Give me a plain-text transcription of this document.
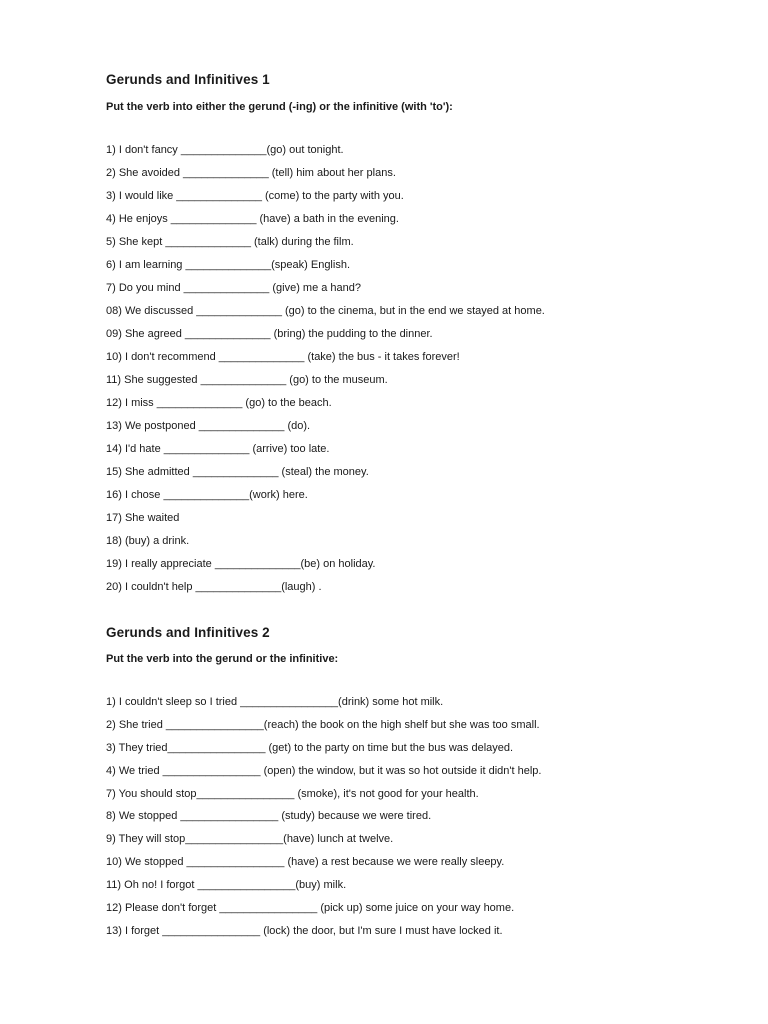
Gerunds and Infinitives 1

Put the verb into either the gerund (-ing) or the infinitive (with 'to'):

1) I don't fancy ______________(go) out tonight.
2) She avoided ______________ (tell) him about her plans.
3) I would like ______________ (come) to the party with you.
4) He enjoys ______________ (have) a bath in the evening.
5) She kept ______________ (talk) during the film.
6) I am learning ______________(speak) English.
7) Do you mind ______________ (give) me a hand?
08) We discussed ______________ (go) to the cinema, but in the end we stayed at home.
09) She agreed ______________ (bring) the pudding to the dinner.
10) I don't recommend ______________ (take) the bus - it takes forever!
11) She suggested ______________ (go) to the museum.
12) I miss ______________ (go) to the beach.
13) We postponed ______________ (do).
14) I'd hate ______________ (arrive) too late.
15) She admitted ______________ (steal) the money.
16) I chose ______________(work) here.
17) She waited
18) (buy) a drink.
19) I really appreciate ______________(be) on holiday.
20) I couldn't help ______________(laugh) .
Gerunds and Infinitives 2

Put the verb into the gerund or the infinitive:

1) I couldn't sleep so I tried ________________(drink) some hot milk.
2) She tried ________________(reach) the book on the high shelf but she was too small.
3) They tried________________ (get) to the party on time but the bus was delayed.
4) We tried ________________ (open) the window, but it was so hot outside it didn't help.
7) You should stop________________ (smoke), it's not good for your health.
8) We stopped ________________ (study) because we were tired.
9) They will stop________________(have) lunch at twelve.
10) We stopped ________________ (have) a rest because we were really sleepy.
11) Oh no! I forgot ________________(buy) milk.
12) Please don't forget ________________ (pick up) some juice on your way home.
13) I forget ________________ (lock) the door, but I'm sure I must have locked it.
